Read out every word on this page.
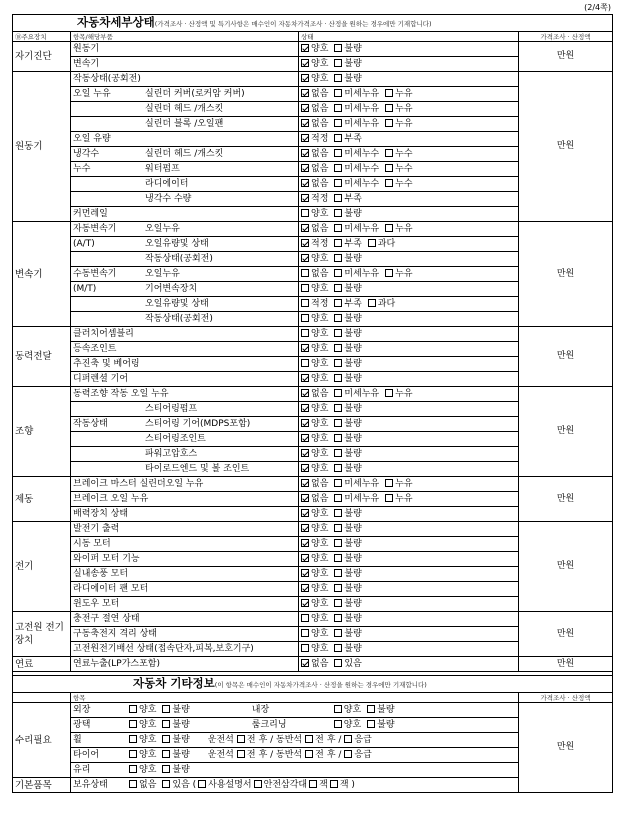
(2/4쪽)
자동차세부상태(가격조사 · 산정액 및 특기사항은 매수인이 자동차가격조사 · 산정을 원하는 경우에만 기재합니다)			
⑱주요장치	항목/해당부품	상태	가격조사 · 산정액
자기진단	원동기	양호 불량	만원
	변속기	양호 불량	
원동기	작동상태(공회전)	양호 불량	만원
	오일 누유 실린더 커버(로커암 커버)	없음 미세누유 누유	
	실린더 헤드 /개스킷	없음 미세누유 누유	
	실린더 블록 /오일팬	없음 미세누유 누유	
	오일 유량	적정 부족	
	냉각수 실린더 헤드 /개스킷	없음 미세누수 누수	
	누수 워터펌프	없음 미세누수 누수	
	라디에이터	없음 미세누수 누수	
	냉각수 수량	적정 부족	
	커먼레일	양호 불량	
변속기	자동변속기 오일누유	없음 미세누유 누유	만원
	(A/T) 오일유량및 상태	적정 부족 과다	
	작동상태(공회전)	양호 불량	
	수동변속기 오일누유	없음 미세누유 누유	
	(M/T) 기어변속장치	양호 불량	
	오일유량및 상태	적정 부족 과다	
	작동상태(공회전)	양호 불량	
동력전달	클러치어셈블리	양호 불량	만원
	등속조인트	양호 불량	
	추진축 및 베어링	양호 불량	
	디퍼렌셜 기어	양호 불량	
조향	동력조향 작동 오일 누유	없음 미세누유 누유	만원
	스티어링펌프	양호 불량	
	작동상태 스티어링 기어(MDPS포함)	양호 불량	
	스티어링조인트	양호 불량	
	파워고압호스	양호 불량	
	타이로드엔드 및 볼 조인트	양호 불량	
제동	브레이크 마스터 실린더오일 누유	없음 미세누유 누유	만원
	브레이크 오일 누유	없음 미세누유 누유	
	배력장치 상태	양호 불량	
전기	발전기 출력	양호 불량	만원
	시동 모터	양호 불량	
	와이퍼 모터 기능	양호 불량	
	실내송풍 모터	양호 불량	
	라디에이터 팬 모터	양호 불량	
	윈도우 모터	양호 불량	
고전원 전기장치	충전구 절연 상태	양호 불량	만원
	구동축전지 격리 상태	양호 불량	
	고전원전기배선 상태(접속단자,피복,보호기구)	양호 불량	
연료	연료누출(LP가스포함)	없음 있음	만원

자동차 기타정보(이 항목은 매수인이 자동차가격조사 · 산정을 원하는 경우에만 기재합니다)			
	항목		가격조사 · 산정액
수리필요	외장 양호 불량 내장 양호 불량		만원
	광택 양호 불량 룸크리닝 양호 불량		
	휠 양호 불량 운전석 전 후 / 동반석 전 후 / 응급		
	타이어 양호 불량 운전석 전 후 / 동반석 전 후 / 응급		
	유리 양호 불량		
기본품목	보유상태 없음 있음 ( 사용설명서 안전삼각대 잭 잭 )		
